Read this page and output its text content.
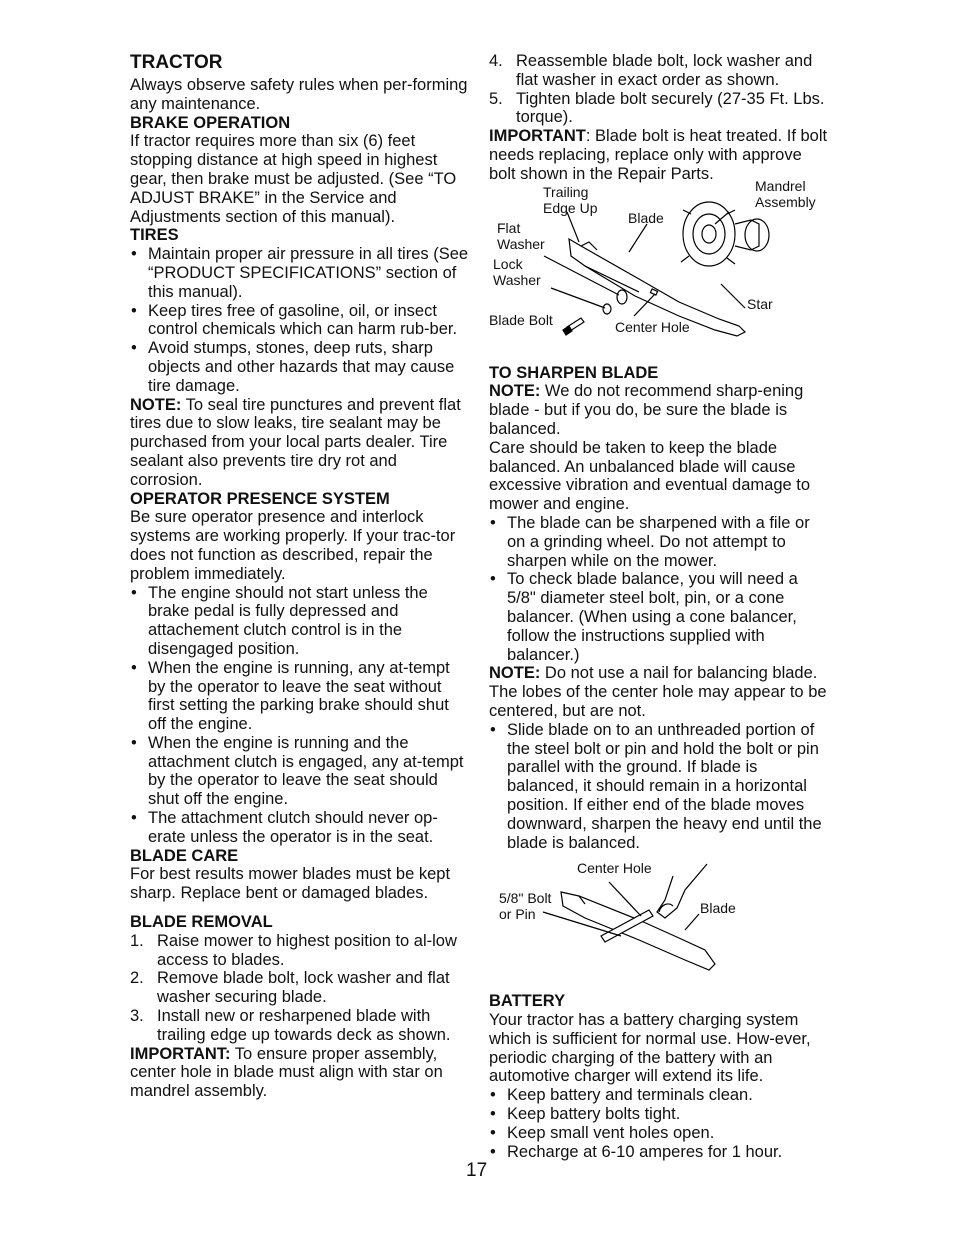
TRACTOR

Always observe safety rules when per-forming any maintenance.

BRAKE OPERATION

If tractor requires more than six (6) feet stopping distance at high speed in highest gear, then brake must be adjusted. (See “TO ADJUST BRAKE” in the Service and Adjustments section of this manual).

TIRES
• Maintain proper air pressure in all tires (See “PRODUCT SPECIFICATIONS” section of this manual).
• Keep tires free of gasoline, oil, or insect control chemicals which can harm rub-ber.
• Avoid stumps, stones, deep ruts, sharp objects and other hazards that may cause tire damage.

NOTE: To seal tire punctures and prevent flat tires due to slow leaks, tire sealant may be purchased from your local parts dealer. Tire sealant also prevents tire dry rot and corrosion.

OPERATOR PRESENCE SYSTEM

Be sure operator presence and interlock systems are working properly. If your trac-tor does not function as described, repair the problem immediately.

• The engine should not start unless the brake pedal is fully depressed and attachement clutch control is in the disengaged position.
• When the engine is running, any at-tempt by the operator to leave the seat without first setting the parking brake should shut off the engine.
• When the engine is running and the attachment clutch is engaged, any at-tempt by the operator to leave the seat should shut off the engine.
• The attachment clutch should never op-erate unless the operator is in the seat.
BLADE CARE

For best results mower blades must be kept sharp. Replace bent or damaged blades.

BLADE REMOVAL
1. Raise mower to highest position to al-low access to blades.
2. Remove blade bolt, lock washer and flat washer securing blade.
3. Install new or resharpened blade with trailing edge up towards deck as shown.

IMPORTANT: To ensure proper assembly, center hole in blade must align with star on mandrel assembly.

4. Reassemble blade bolt, lock washer and flat washer in exact order as shown.
5. Tighten blade bolt securely (27-35 Ft. Lbs. torque).

IMPORTANT: Blade bolt is heat treated. If bolt needs replacing, replace only with approve bolt shown in the Repair Parts.

Trailing Edge Up
Mandrel Assembly
Blade
Flat Washer
Lock Washer
Star
Blade Bolt	Center Hole
TO SHARPEN BLADE

NOTE: We do not recommend sharp-ening blade - but if you do, be sure the blade is balanced.

Care should be taken to keep the blade balanced. An unbalanced blade will cause excessive vibration and eventual damage to mower and engine.

• The blade can be sharpened with a file or on a grinding wheel. Do not attempt to sharpen while on the mower.
• To check blade balance, you will need a 5/8" diameter steel bolt, pin, or a cone balancer. (When using a cone balancer, follow the instructions supplied with balancer.)

NOTE: Do not use a nail for balancing blade. The lobes of the center hole may appear to be centered, but are not.

• Slide blade on to an unthreaded portion of the steel bolt or pin and hold the bolt or pin parallel with the ground. If blade is balanced, it should remain in a horizontal position. If either end of the blade moves downward, sharpen the heavy end until the blade is balanced.
Center Hole
5/8" Bolt or Pin	Blade
BATTERY

Your tractor has a battery charging system which is sufficient for normal use. How-ever, periodic charging of the battery with an automotive charger will extend its life.

• Keep battery and terminals clean.
• Keep battery bolts tight.
• Keep small vent holes open.
• Recharge at 6-10 amperes for 1 hour.
17
